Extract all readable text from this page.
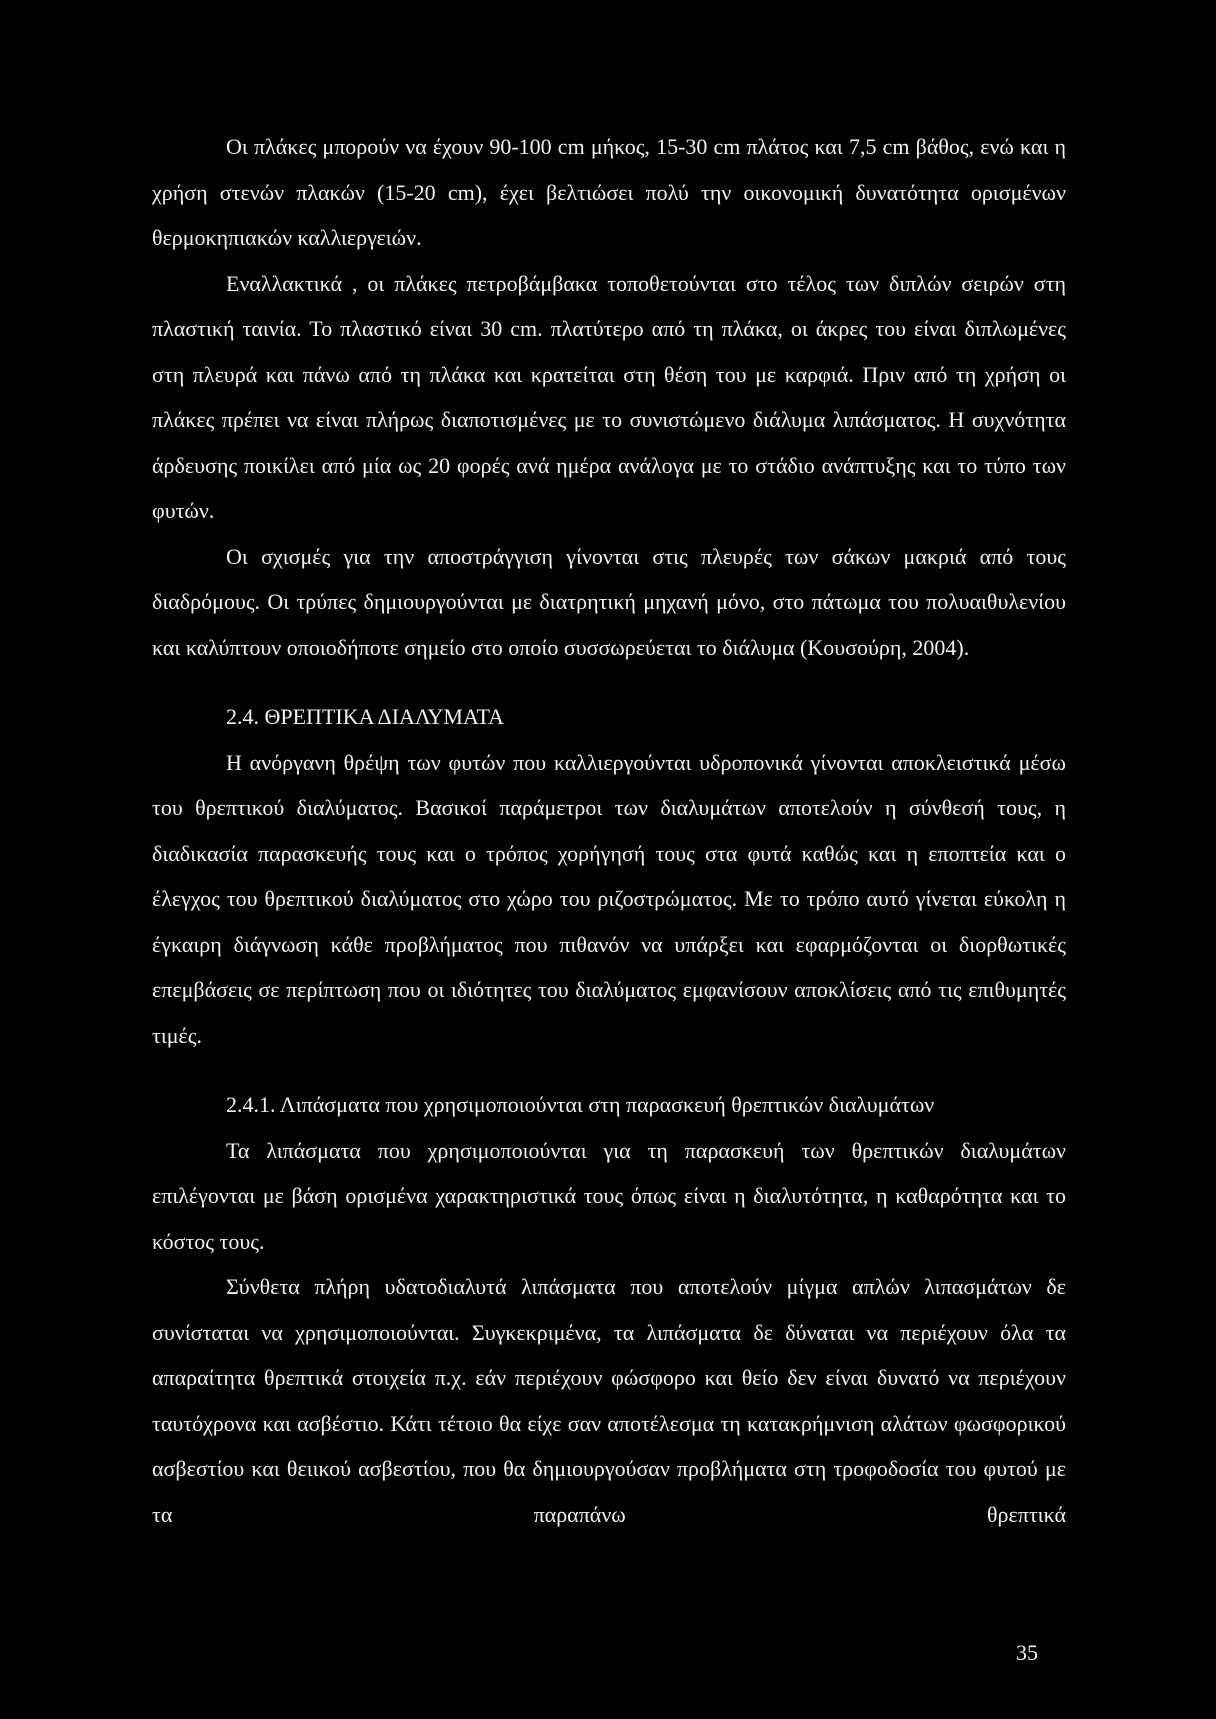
Οι πλάκες μπορούν να έχουν 90-100 cm μήκος, 15-30 cm πλάτος και 7,5 cm βάθος, ενώ και η χρήση στενών πλακών (15-20 cm), έχει βελτιώσει πολύ την οικονομική δυνατότητα ορισμένων θερμοκηπιακών καλλιεργειών.

Εναλλακτικά , οι πλάκες πετροβάμβακα τοποθετούνται στο τέλος των διπλών σειρών στη πλαστική ταινία. Το πλαστικό είναι 30 cm. πλατύτερο από τη πλάκα, οι άκρες του είναι διπλωμένες στη πλευρά και πάνω από τη πλάκα και κρατείται στη θέση του με καρφιά. Πριν από τη χρήση οι πλάκες πρέπει να είναι πλήρως διαποτισμένες με το συνιστώμενο διάλυμα λιπάσματος. Η συχνότητα άρδευσης ποικίλει από μία ως 20 φορές ανά ημέρα ανάλογα με το στάδιο ανάπτυξης και το τύπο των φυτών.

Οι σχισμές για την αποστράγγιση γίνονται στις πλευρές των σάκων μακριά από τους διαδρόμους. Οι τρύπες δημιουργούνται με διατρητική μηχανή μόνο, στο πάτωμα του πολυαιθυλενίου και καλύπτουν οποιοδήποτε σημείο στο οποίο συσσωρεύεται το διάλυμα (Κουσούρη, 2004).

2.4. ΘΡΕΠΤΙΚΑ ΔΙΑΛΥΜΑΤΑ

Η ανόργανη θρέψη των φυτών που καλλιεργούνται υδροπονικά γίνονται αποκλειστικά μέσω του θρεπτικού διαλύματος. Βασικοί παράμετροι των διαλυμάτων αποτελούν η σύνθεσή τους, η διαδικασία παρασκευής τους και ο τρόπος χορήγησή τους στα φυτά καθώς και η εποπτεία και ο έλεγχος του θρεπτικού διαλύματος στο χώρο του ριζοστρώματος. Με το τρόπο αυτό γίνεται εύκολη η έγκαιρη διάγνωση κάθε προβλήματος που πιθανόν να υπάρξει και εφαρμόζονται οι διορθωτικές επεμβάσεις σε περίπτωση που οι ιδιότητες του διαλύματος εμφανίσουν αποκλίσεις από τις επιθυμητές τιμές.

2.4.1. Λιπάσματα που χρησιμοποιούνται στη παρασκευή θρεπτικών διαλυμάτων

Τα λιπάσματα που χρησιμοποιούνται για τη παρασκευή των θρεπτικών διαλυμάτων επιλέγονται με βάση ορισμένα χαρακτηριστικά τους όπως είναι η διαλυτότητα, η καθαρότητα και το κόστος τους.

Σύνθετα πλήρη υδατοδιαλυτά λιπάσματα που αποτελούν μίγμα απλών λιπασμάτων δε συνίσταται να χρησιμοποιούνται. Συγκεκριμένα, τα λιπάσματα δε δύναται να περιέχουν όλα τα απαραίτητα θρεπτικά στοιχεία π.χ. εάν περιέχουν φώσφορο και θείο δεν είναι δυνατό να περιέχουν ταυτόχρονα και ασβέστιο. Κάτι τέτοιο θα είχε σαν αποτέλεσμα τη κατακρήμνιση αλάτων φωσφορικού ασβεστίου και θειικού ασβεστίου, που θα δημιουργούσαν προβλήματα στη τροφοδοσία του φυτού με τα παραπάνω θρεπτικά

35
